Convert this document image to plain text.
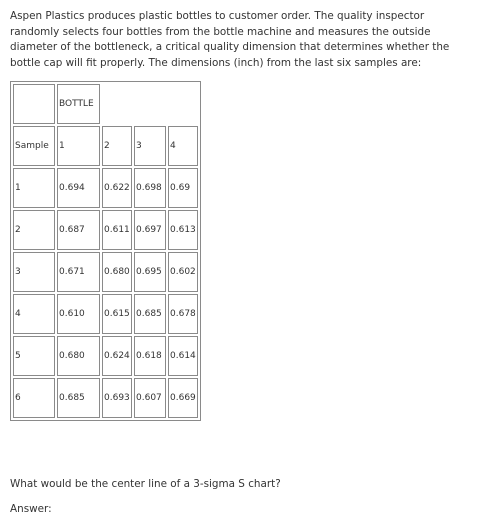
Aspen Plastics produces plastic bottles to customer order. The quality inspector randomly selects four bottles from the bottle machine and measures the outside diameter of the bottleneck, a critical quality dimension that determines whether the bottle cap will fit properly. The dimensions (inch) from the last six samples are:

	BOTTLE			
Sample	1	2	3	4
1	0.694	0.622	0.698	0.69
2	0.687	0.611	0.697	0.613
3	0.671	0.680	0.695	0.602
4	0.610	0.615	0.685	0.678
5	0.680	0.624	0.618	0.614
6	0.685	0.693	0.607	0.669

What would be the center line of a 3-sigma S chart?

Answer:
